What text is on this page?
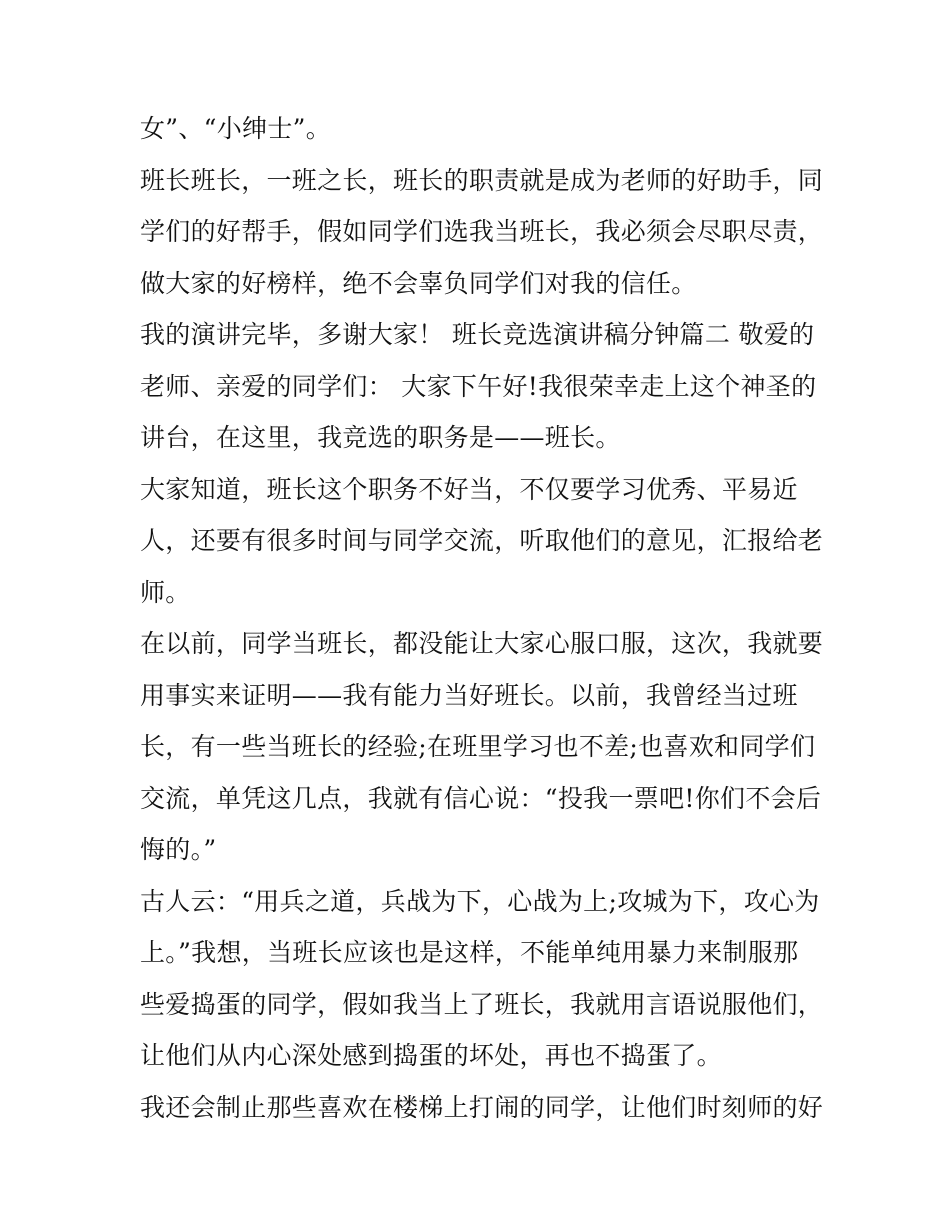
女”、“小绅士”。
班长班长，一班之长，班长的职责就是成为老师的好助手，同
学们的好帮手，假如同学们选我当班长，我必须会尽职尽责，
做大家的好榜样，绝不会辜负同学们对我的信任。
我的演讲完毕，多谢大家！ 班长竞选演讲稿分钟篇二 敬爱的
老师、亲爱的同学们： 大家下午好!我很荣幸走上这个神圣的
讲台，在这里，我竞选的职务是——班长。
大家知道，班长这个职务不好当，不仅要学习优秀、平易近
人，还要有很多时间与同学交流，听取他们的意见，汇报给老
师。
在以前，同学当班长，都没能让大家心服口服，这次，我就要
用事实来证明——我有能力当好班长。以前，我曾经当过班
长，有一些当班长的经验;在班里学习也不差;也喜欢和同学们
交流，单凭这几点，我就有信心说：“投我一票吧!你们不会后
悔的。”
古人云：“用兵之道，兵战为下，心战为上;攻城为下，攻心为
上。”我想，当班长应该也是这样，不能单纯用暴力来制服那
些爱捣蛋的同学，假如我当上了班长，我就用言语说服他们，
让他们从内心深处感到捣蛋的坏处，再也不捣蛋了。
我还会制止那些喜欢在楼梯上打闹的同学，让他们时刻师的好
